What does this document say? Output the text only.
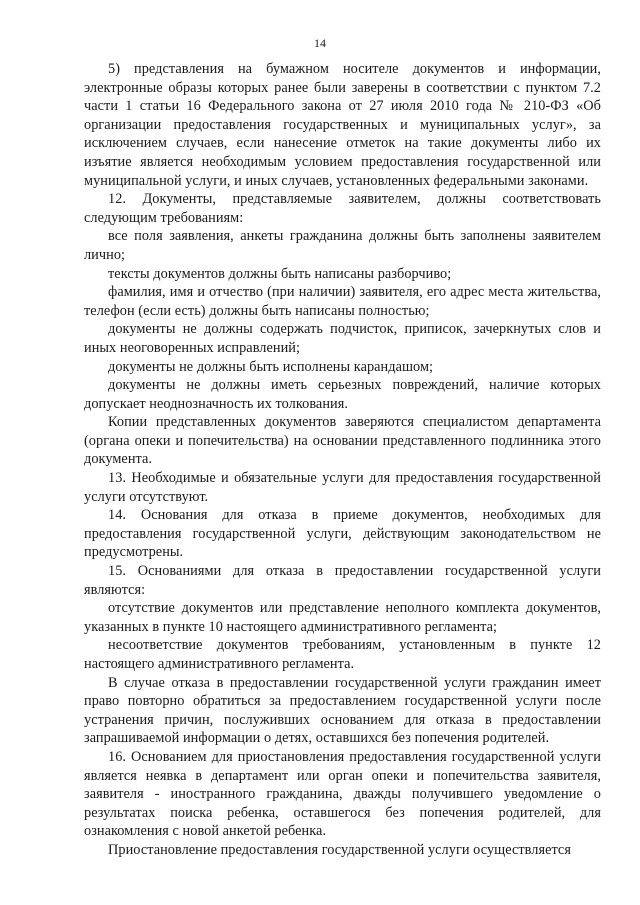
14

5) представления на бумажном носителе документов и информации, электронные образы которых ранее были заверены в соответствии с пунктом 7.2 части 1 статьи 16 Федерального закона от 27 июля 2010 года № 210-ФЗ «Об организации предоставления государственных и муниципальных услуг», за исключением случаев, если нанесение отметок на такие документы либо их изъятие является необходимым условием предоставления государственной или муниципальной услуги, и иных случаев, установленных федеральными законами.

12. Документы, представляемые заявителем, должны соответствовать следующим требованиям:

все поля заявления, анкеты гражданина должны быть заполнены заявителем лично;

тексты документов должны быть написаны разборчиво;

фамилия, имя и отчество (при наличии) заявителя, его адрес места жительства, телефон (если есть) должны быть написаны полностью;

документы не должны содержать подчисток, приписок, зачеркнутых слов и иных неоговоренных исправлений;

документы не должны быть исполнены карандашом;

документы не должны иметь серьезных повреждений, наличие которых допускает неоднозначность их толкования.

Копии представленных документов заверяются специалистом департамента (органа опеки и попечительства) на основании представленного подлинника этого документа.

13. Необходимые и обязательные услуги для предоставления государственной услуги отсутствуют.

14. Основания для отказа в приеме документов, необходимых для предоставления государственной услуги, действующим законодательством не предусмотрены.

15. Основаниями для отказа в предоставлении государственной услуги являются:

отсутствие документов или представление неполного комплекта документов, указанных в пункте 10 настоящего административного регламента;

несоответствие документов требованиям, установленным в пункте 12 настоящего административного регламента.

В случае отказа в предоставлении государственной услуги гражданин имеет право повторно обратиться за предоставлением государственной услуги после устранения причин, послуживших основанием для отказа в предоставлении запрашиваемой информации о детях, оставшихся без попечения родителей.

16. Основанием для приостановления предоставления государственной услуги является неявка в департамент или орган опеки и попечительства заявителя, заявителя - иностранного гражданина, дважды получившего уведомление о результатах поиска ребенка, оставшегося без попечения родителей, для ознакомления с новой анкетой ребенка.

Приостановление предоставления государственной услуги осуществляется
